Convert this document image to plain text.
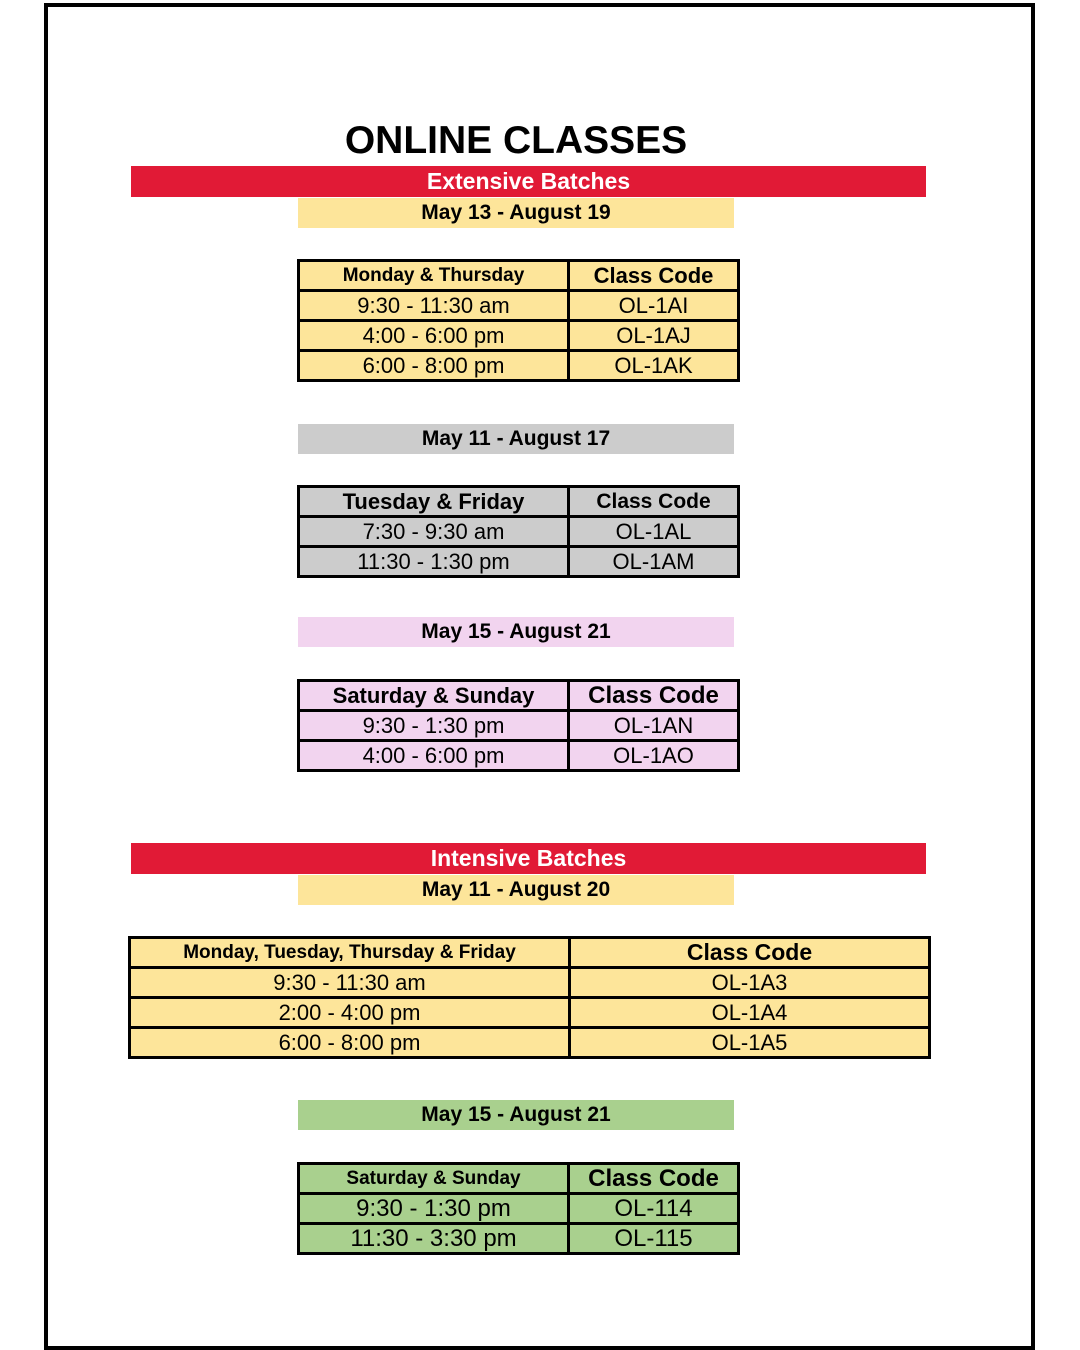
ONLINE CLASSES
Extensive Batches
May 13 - August 19
Monday & Thursday	Class Code
9:30 - 11:30 am	OL-1AI
4:00 - 6:00 pm	OL-1AJ
6:00 - 8:00 pm	OL-1AK
May 11 - August 17
Tuesday & Friday	Class Code
7:30 - 9:30 am	OL-1AL
11:30 - 1:30 pm	OL-1AM
May 15 - August 21
Saturday & Sunday	Class Code
9:30 - 1:30 pm	OL-1AN
4:00 - 6:00 pm	OL-1AO
Intensive Batches
May 11 - August 20
Monday, Tuesday, Thursday & Friday	Class Code
9:30 - 11:30 am	OL-1A3
2:00 - 4:00 pm	OL-1A4
6:00 - 8:00 pm	OL-1A5
May 15 - August 21
Saturday & Sunday	Class Code
9:30 - 1:30 pm	OL-114
11:30 - 3:30 pm	OL-115
